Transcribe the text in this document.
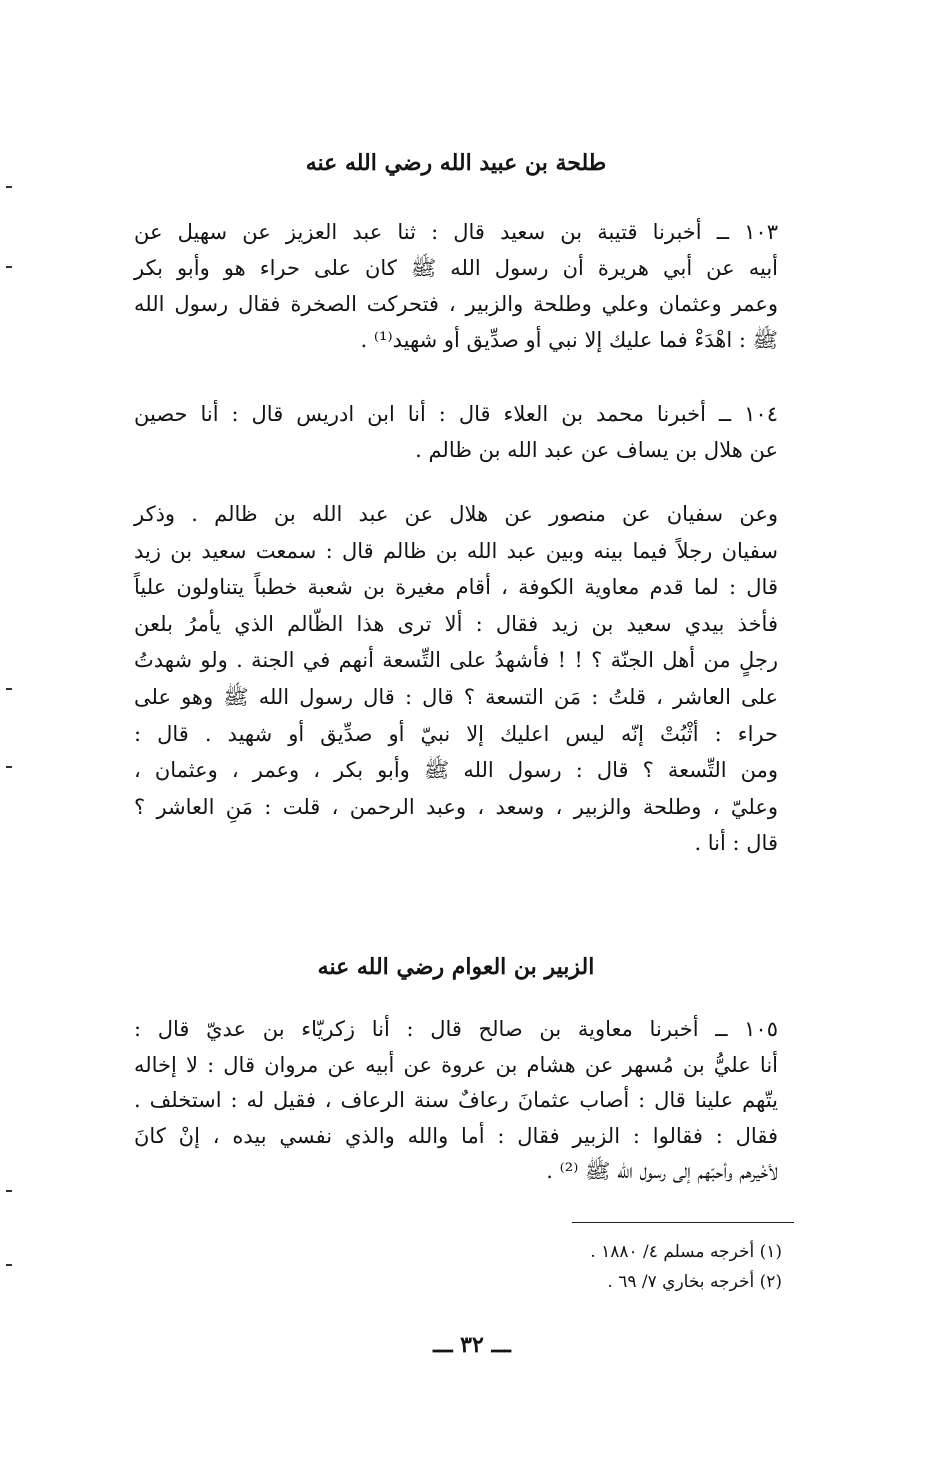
طلحة بن عبيد الله رضي الله عنه
١٠٣ ــ أخبرنا قتيبة بن سعيد قال : ثنا عبد العزيز عن سهيل عن
أبيه عن أبي هريرة أن رسول الله ﷺ كان على حراء هو وأبو بكر
وعمر وعثمان وعلي وطلحة والزبير ، فتحركت الصخرة فقال رسول الله
ﷺ : اهْدَءْ فما عليك إلا نبي أو صدِّيق أو شهيد⁽¹⁾ .
١٠٤ ــ أخبرنا محمد بن العلاء قال : أنا ابن ادريس قال : أنا حصين
عن هلال بن يساف عن عبد الله بن ظالم .
وعن سفيان عن منصور عن هلال عن عبد الله بن ظالم . وذكر
سفيان رجلاً فيما بينه وبين عبد الله بن ظالم قال : سمعت سعيد بن زيد
قال : لما قدم معاوية الكوفة ، أقام مغيرة بن شعبة خطباً يتناولون علياً
فأخذ بيدي سعيد بن زيد فقال : ألا ترى هذا الظّالم الذي يأمرُ بلعن
رجلٍ من أهل الجنّة ؟ ! ! فأشهدُ على التِّسعة أنهم في الجنة . ولو شهدتُ
على العاشر ، قلتُ : مَن التسعة ؟ قال : قال رسول الله ﷺ وهو على
حراء : أثْبُتْ إنّه ليس اعليك إلا نبيّ أو صدِّيق أو شهيد . قال :
ومن التِّسعة ؟ قال : رسول الله ﷺ وأبو بكر ، وعمر ، وعثمان ،
وعليّ ، وطلحة والزبير ، وسعد ، وعبد الرحمن ، قلت : مَنِ العاشر ؟
قال : أنا .
الزبير بن العوام رضي الله عنه
١٠٥ ــ أخبرنا معاوية بن صالح قال : أنا زكريّاء بن عديّ قال :
أنا عليُّ بن مُسهر عن هشام بن عروة عن أبيه عن مروان قال : لا إخاله
يتّهم علينا قال : أصاب عثمانَ رعافٌ سنة الرعاف ، فقيل له : استخلف .
فقال : فقالوا : الزبير فقال : أما والله والذي نفسي بيده ، إنْ كانَ
لأخْيرهم وأحبّهم إلى رسول الله ﷺ ⁽²⁾ .
(١) أخرجه مسلم ٤/ ١٨٨٠ .
(٢) أخرجه بخاري ٧/ ٦٩ .
ـــ ٣٢ ـــ
